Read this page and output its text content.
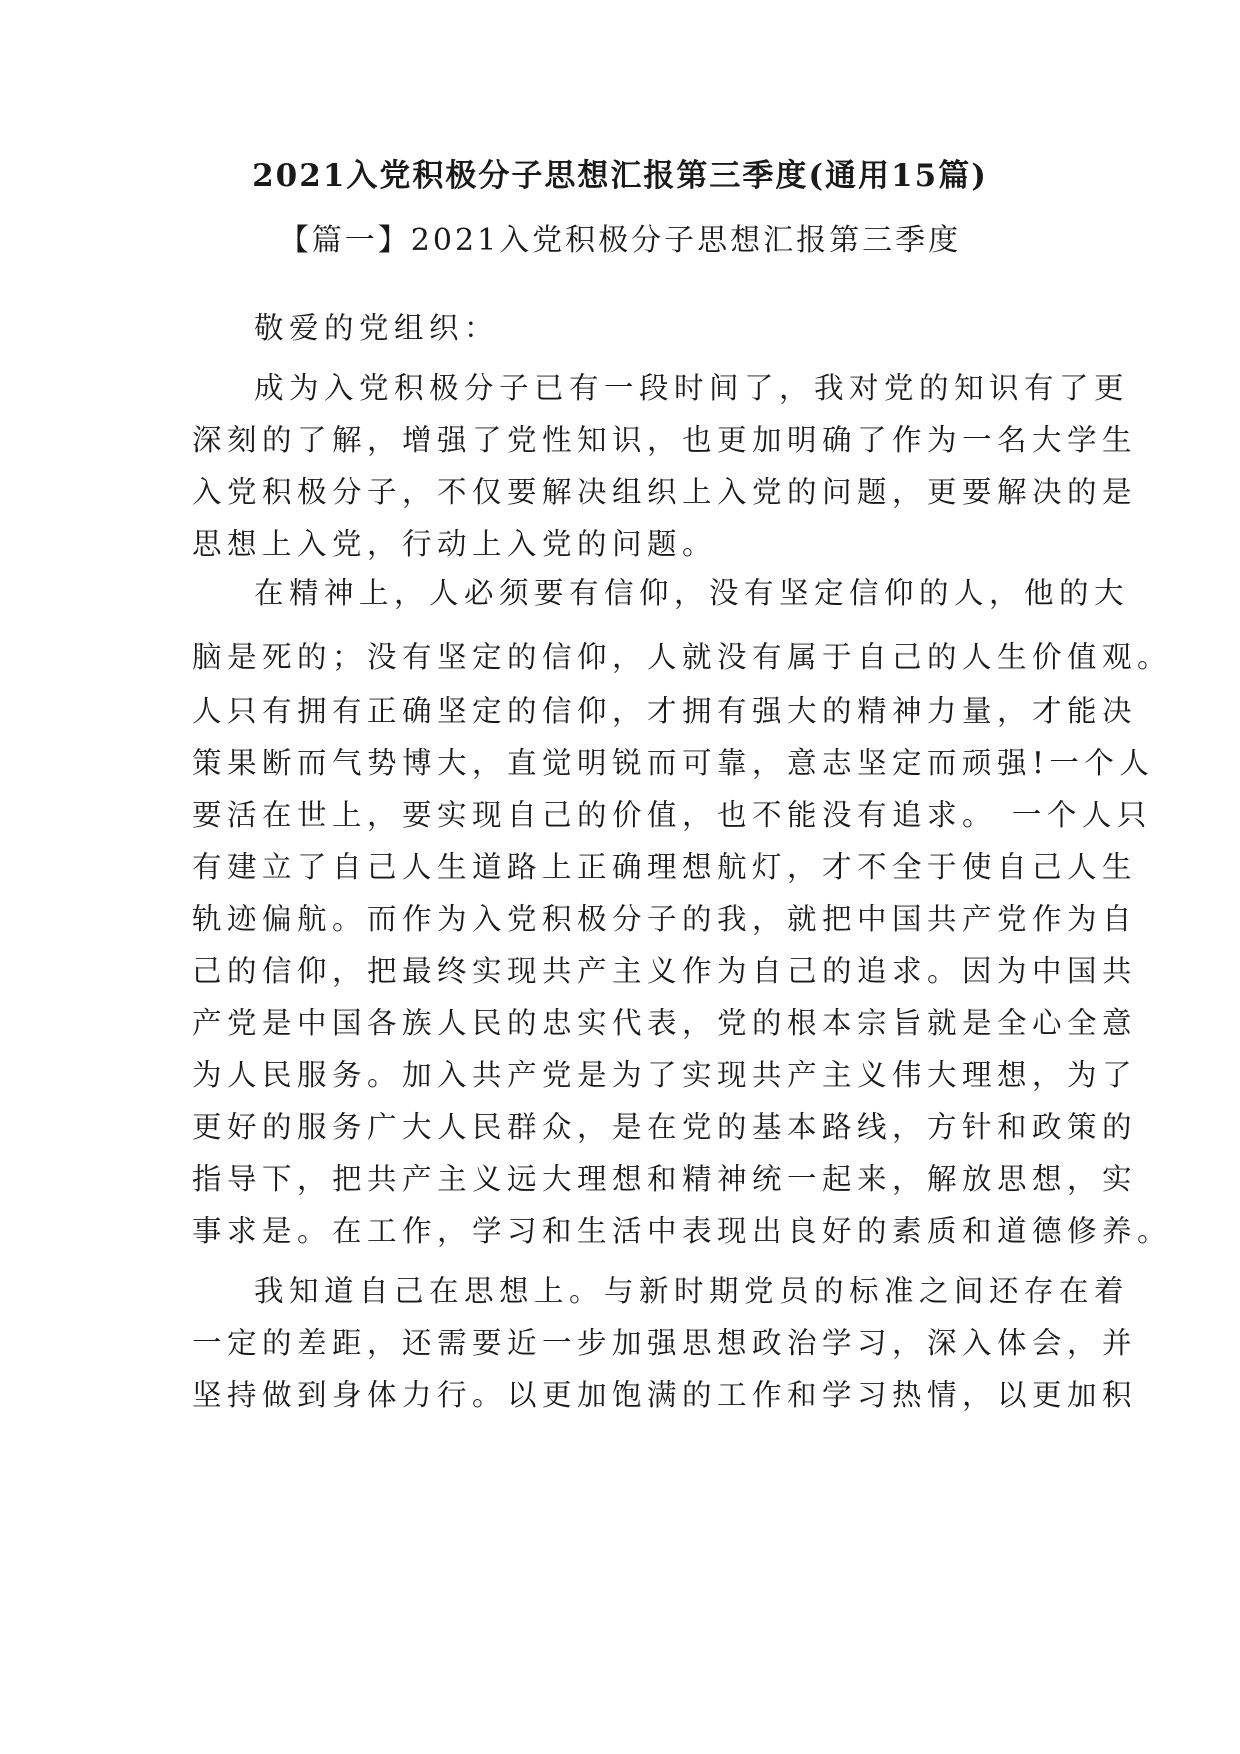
2021入党积极分子思想汇报第三季度(通用15篇)
【篇一】2021入党积极分子思想汇报第三季度
敬爱的党组织：
成为入党积极分子已有一段时间了，我对党的知识有了更
深刻的了解，增强了党性知识，也更加明确了作为一名大学生
入党积极分子，不仅要解决组织上入党的问题，更要解决的是
思想上入党，行动上入党的问题。
在精神上，人必须要有信仰，没有坚定信仰的人，他的大
脑是死的；没有坚定的信仰，人就没有属于自己的人生价值观。
人只有拥有正确坚定的信仰，才拥有强大的精神力量，才能决
策果断而气势博大，直觉明锐而可靠，意志坚定而顽强!一个人
要活在世上，要实现自己的价值，也不能没有追求。 一个人只
有建立了自己人生道路上正确理想航灯，才不全于使自己人生
轨迹偏航。而作为入党积极分子的我，就把中国共产党作为自
己的信仰，把最终实现共产主义作为自己的追求。因为中国共
产党是中国各族人民的忠实代表，党的根本宗旨就是全心全意
为人民服务。加入共产党是为了实现共产主义伟大理想，为了
更好的服务广大人民群众，是在党的基本路线，方针和政策的
指导下，把共产主义远大理想和精神统一起来，解放思想，实
事求是。在工作，学习和生活中表现出良好的素质和道德修养。
我知道自己在思想上。与新时期党员的标准之间还存在着
一定的差距，还需要近一步加强思想政治学习，深入体会，并
坚持做到身体力行。以更加饱满的工作和学习热情，以更加积
